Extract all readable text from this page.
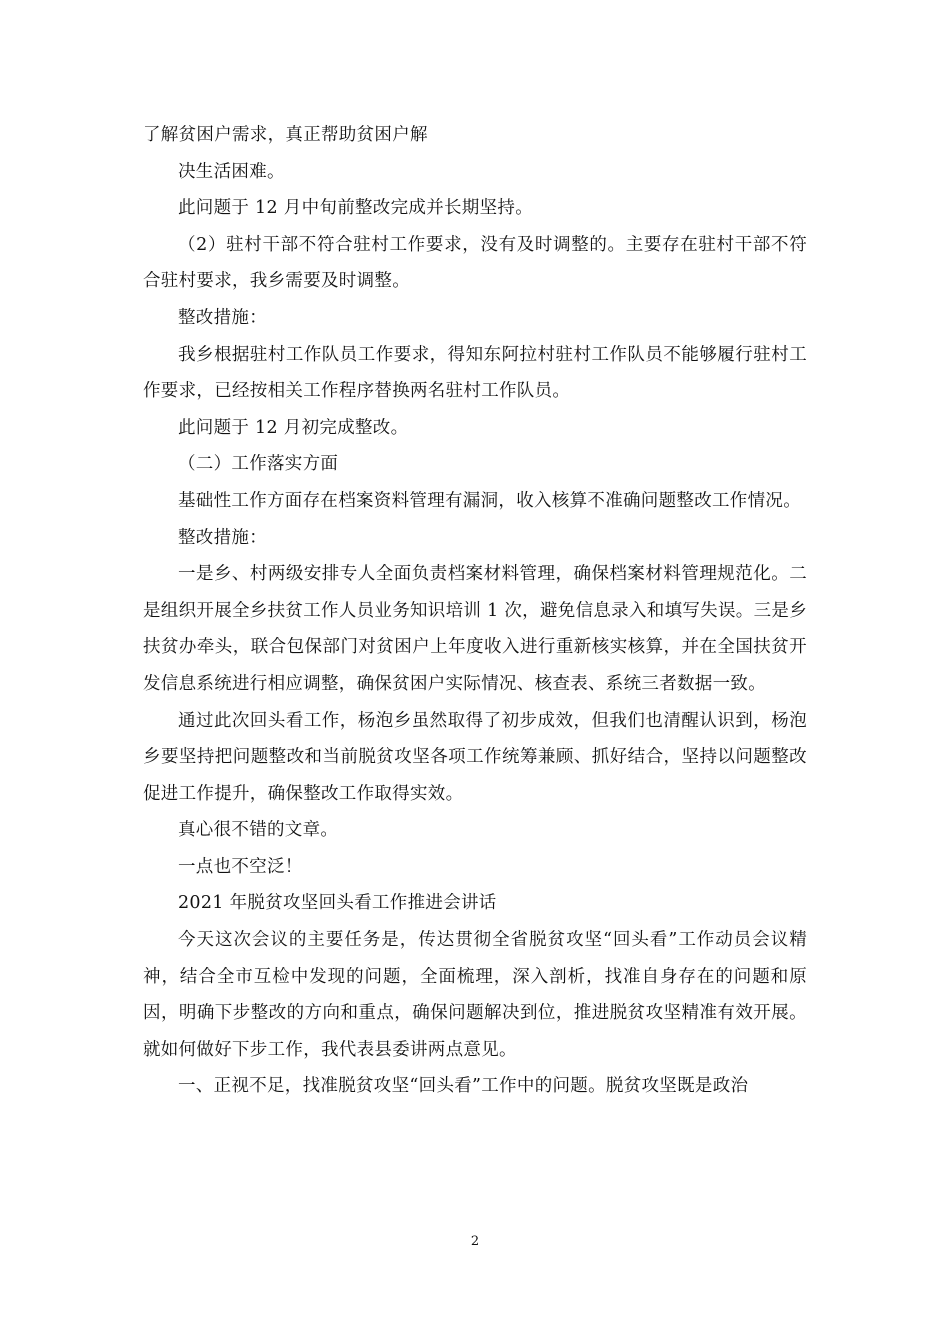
了解贫困户需求，真正帮助贫困户解

决生活困难。

此问题于 12 月中旬前整改完成并长期坚持。

（2）驻村干部不符合驻村工作要求，没有及时调整的。主要存在驻村干部不符合驻村要求，我乡需要及时调整。

整改措施：

我乡根据驻村工作队员工作要求，得知东阿拉村驻村工作队员不能够履行驻村工作要求，已经按相关工作程序替换两名驻村工作队员。

此问题于 12 月初完成整改。

（二）工作落实方面

基础性工作方面存在档案资料管理有漏洞，收入核算不准确问题整改工作情况。

整改措施：

一是乡、村两级安排专人全面负责档案材料管理，确保档案材料管理规范化。二是组织开展全乡扶贫工作人员业务知识培训 1 次，避免信息录入和填写失误。三是乡扶贫办牵头，联合包保部门对贫困户上年度收入进行重新核实核算，并在全国扶贫开发信息系统进行相应调整，确保贫困户实际情况、核查表、系统三者数据一致。

通过此次回头看工作，杨泡乡虽然取得了初步成效，但我们也清醒认识到，杨泡乡要坚持把问题整改和当前脱贫攻坚各项工作统筹兼顾、抓好结合，坚持以问题整改促进工作提升，确保整改工作取得实效。

真心很不错的文章。

一点也不空泛！

2021 年脱贫攻坚回头看工作推进会讲话

今天这次会议的主要任务是，传达贯彻全省脱贫攻坚“回头看”工作动员会议精神，结合全市互检中发现的问题，全面梳理，深入剖析，找准自身存在的问题和原因，明确下步整改的方向和重点，确保问题解决到位，推进脱贫攻坚精准有效开展。就如何做好下步工作，我代表县委讲两点意见。

一、正视不足，找准脱贫攻坚“回头看”工作中的问题。脱贫攻坚既是政治

2
